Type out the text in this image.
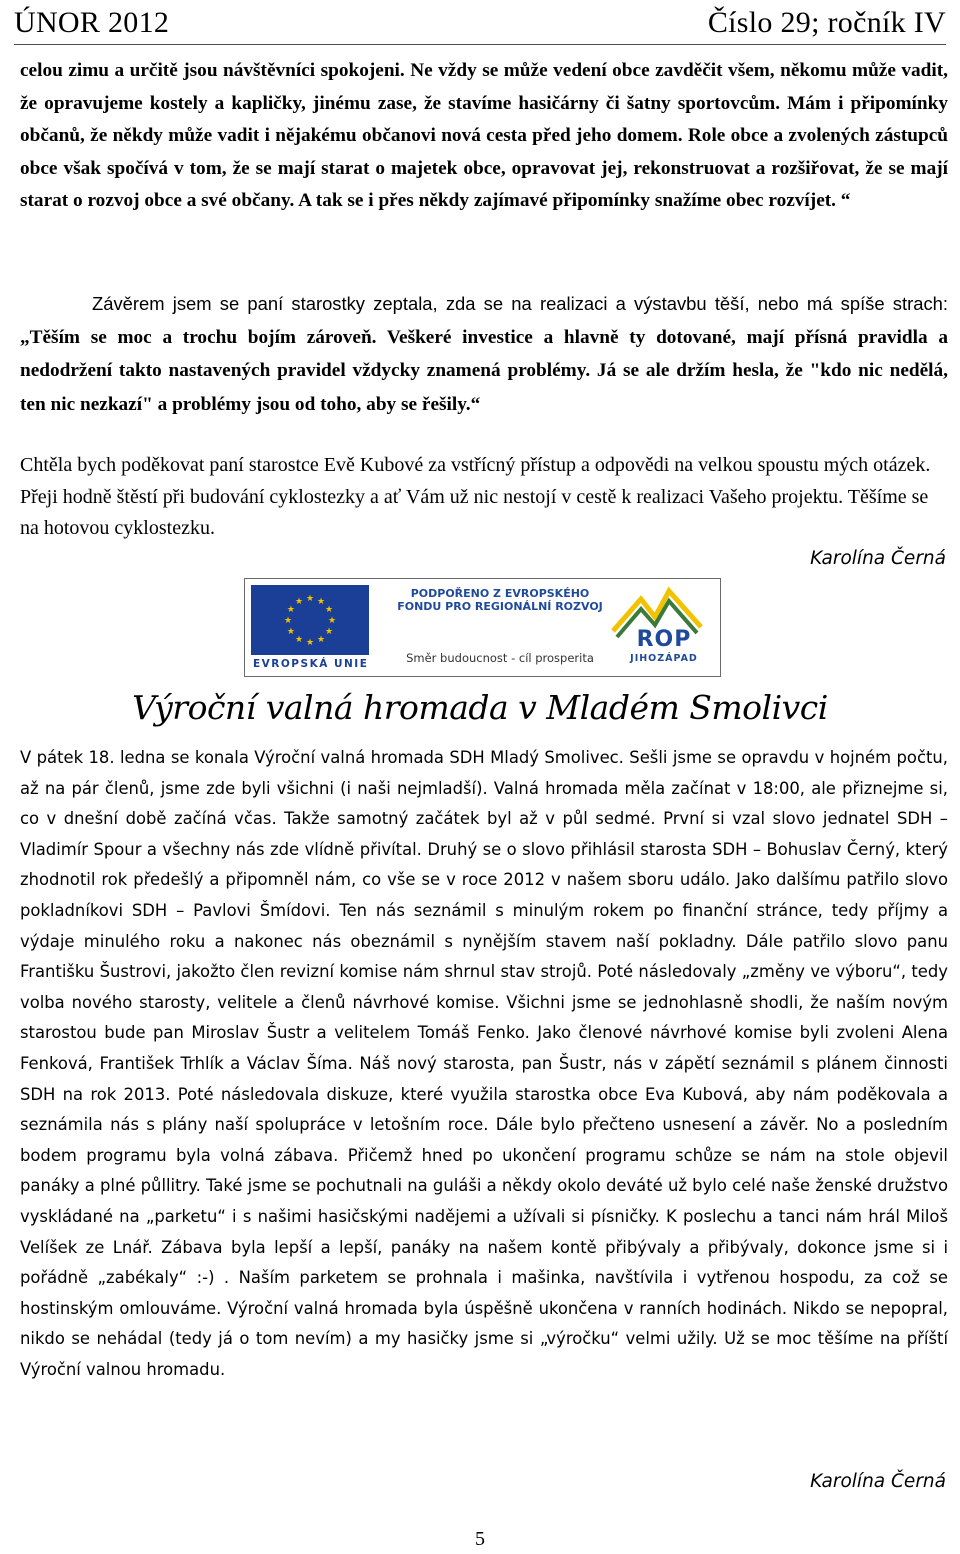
ÚNOR 2012	Číslo 29; ročník IV
celou zimu a určitě jsou návštěvníci spokojeni. Ne vždy se může vedení obce zavděčit všem, někomu může vadit, že opravujeme kostely a kapličky, jinému zase, že stavíme hasičárny či šatny sportovcům. Mám i připomínky občanů, že někdy může vadit i nějakému občanovi nová cesta před jeho domem. Role obce a zvolených zástupců obce však spočívá v tom, že se mají starat o majetek obce, opravovat jej, rekonstruovat a rozšiřovat, že se mají starat o rozvoj obce a své občany. A tak se i přes někdy zajímavé připomínky snažíme obec rozvíjet. “
Závěrem jsem se paní starostky zeptala, zda se na realizaci a výstavbu těší, nebo má spíše strach: „Těším se moc a trochu bojím zároveň. Veškeré investice a hlavně ty dotované, mají přísná pravidla a nedodržení takto nastavených pravidel vždycky znamená problémy. Já se ale držím hesla, že "kdo nic nedělá, ten nic nezkazí" a problémy jsou od toho, aby se řešily.“
Chtěla bych poděkovat paní starostce Evě Kubové za vstřícný přístup a odpovědi na velkou spoustu mých otázek. Přeji hodně štěstí při budování cyklostezky a ať Vám už nic nestojí v cestě k realizaci Vašeho projektu. Těšíme se na hotovou cyklostezku.
Karolína Černá
★
★
★
★
★
★
★
★
★ ★ ★
★
EVROPSKÁ UNIE
PODPOŘENO Z EVROPSKÉHO FONDU PRO REGIONÁLNÍ ROZVOJ
Směr budoucnost - cíl prosperita
ROP
JIHOZÁPAD
Výroční valná hromada v Mladém Smolivci
V pátek 18. ledna se konala Výroční valná hromada SDH Mladý Smolivec. Sešli jsme se opravdu v hojném počtu, až na pár členů, jsme zde byli všichni (i naši nejmladší). Valná hromada měla začínat v 18:00, ale přiznejme si, co v dnešní době začíná včas. Takže samotný začátek byl až v půl sedmé. První si vzal slovo jednatel SDH – Vladimír Spour a všechny nás zde vlídně přivítal. Druhý se o slovo přihlásil starosta SDH – Bohuslav Černý, který zhodnotil rok předešlý a připomněl nám, co vše se v roce 2012 v našem sboru událo. Jako dalšímu patřilo slovo pokladníkovi SDH – Pavlovi Šmídovi. Ten nás seznámil s minulým rokem po finanční stránce, tedy příjmy a výdaje minulého roku a nakonec nás obeznámil s nynějším stavem naší pokladny. Dále patřilo slovo panu Františku Šustrovi, jakožto člen revizní komise nám shrnul stav strojů. Poté následovaly „změny ve výboru“, tedy volba nového starosty, velitele a členů návrhové komise. Všichni jsme se jednohlasně shodli, že naším novým starostou bude pan Miroslav Šustr a velitelem Tomáš Fenko. Jako členové návrhové komise byli zvoleni Alena Fenková, František Trhlík a Václav Šíma. Náš nový starosta, pan Šustr, nás v zápětí seznámil s plánem činnosti SDH na rok 2013. Poté následovala diskuze, které využila starostka obce Eva Kubová, aby nám poděkovala a seznámila nás s plány naší spolupráce v letošním roce. Dále bylo přečteno usnesení a závěr. No a posledním bodem programu byla volná zábava. Přičemž hned po ukončení programu schůze se nám na stole objevil panáky a plné půllitry. Také jsme se pochutnali na guláši a někdy okolo deváté už bylo celé naše ženské družstvo vyskládané na „parketu“ i s našimi hasičskými nadějemi a užívali si písničky. K poslechu a tanci nám hrál Miloš Velíšek ze Lnář. Zábava byla lepší a lepší, panáky na našem kontě přibývaly a přibývaly, dokonce jsme si i pořádně „zabékaly“ :-) . Naším parketem se prohnala i mašinka, navštívila i vytřenou hospodu, za což se hostinským omlouváme. Výroční valná hromada byla úspěšně ukončena v ranních hodinách. Nikdo se nepopral, nikdo se nehádal (tedy já o tom nevím) a my hasičky jsme si „výročku“ velmi užily. Už se moc těšíme na příští Výroční valnou hromadu.
Karolína Černá
5
